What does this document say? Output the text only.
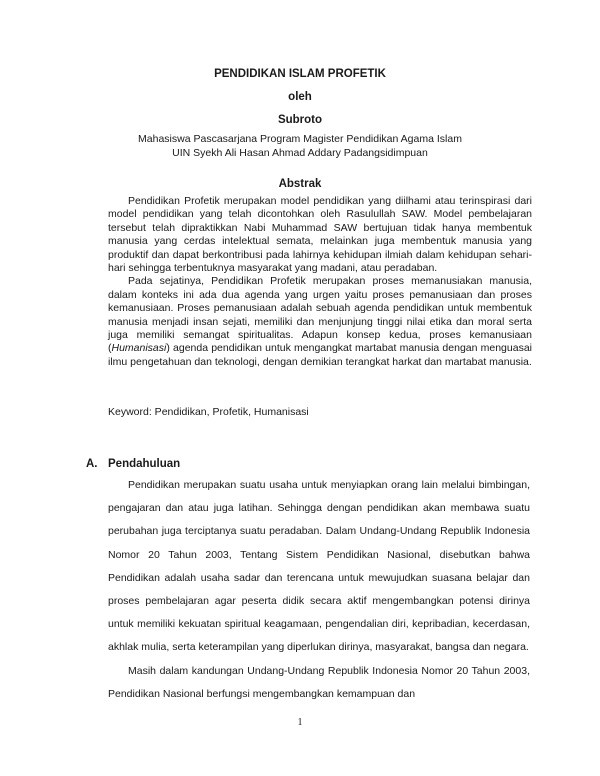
PENDIDIKAN ISLAM PROFETIK
oleh
Subroto
Mahasiswa Pascasarjana Program Magister Pendidikan Agama Islam
UIN Syekh Ali Hasan Ahmad Addary Padangsidimpuan
Abstrak

Pendidikan Profetik merupakan model pendidikan yang diilhami atau terinspirasi dari model pendidikan yang telah dicontohkan oleh Rasulullah SAW. Model pembelajaran tersebut telah dipraktikkan Nabi Muhammad SAW bertujuan tidak hanya membentuk manusia yang cerdas intelektual semata, melainkan juga membentuk manusia yang produktif dan dapat berkontribusi pada lahirnya kehidupan ilmiah dalam kehidupan sehari-hari sehingga terbentuknya masyarakat yang madani, atau peradaban.

Pada sejatinya, Pendidikan Profetik merupakan proses memanusiakan manusia, dalam konteks ini ada dua agenda yang urgen yaitu proses pemanusiaan dan proses kemanusiaan. Proses pemanusiaan adalah sebuah agenda pendidikan untuk membentuk manusia menjadi insan sejati, memiliki dan menjunjung tinggi nilai etika dan moral serta juga memiliki semangat spiritualitas. Adapun konsep kedua, proses kemanusiaan (Humanisasi) agenda pendidikan untuk mengangkat martabat manusia dengan menguasai ilmu pengetahuan dan teknologi, dengan demikian terangkat harkat dan martabat manusia.

Keyword: Pendidikan, Profetik, Humanisasi
A. Pendahuluan

Pendidikan merupakan suatu usaha untuk menyiapkan orang lain melalui bimbingan, pengajaran dan atau juga latihan. Sehingga dengan pendidikan akan membawa suatu perubahan juga terciptanya suatu peradaban. Dalam Undang-Undang Republik Indonesia Nomor 20 Tahun 2003, Tentang Sistem Pendidikan Nasional, disebutkan bahwa Pendidikan adalah usaha sadar dan terencana untuk mewujudkan suasana belajar dan proses pembelajaran agar peserta didik secara aktif mengembangkan potensi dirinya untuk memiliki kekuatan spiritual keagamaan, pengendalian diri, kepribadian, kecerdasan, akhlak mulia, serta keterampilan yang diperlukan dirinya, masyarakat, bangsa dan negara.

Masih dalam kandungan Undang-Undang Republik Indonesia Nomor 20 Tahun 2003, Pendidikan Nasional berfungsi mengembangkan kemampuan dan

1
